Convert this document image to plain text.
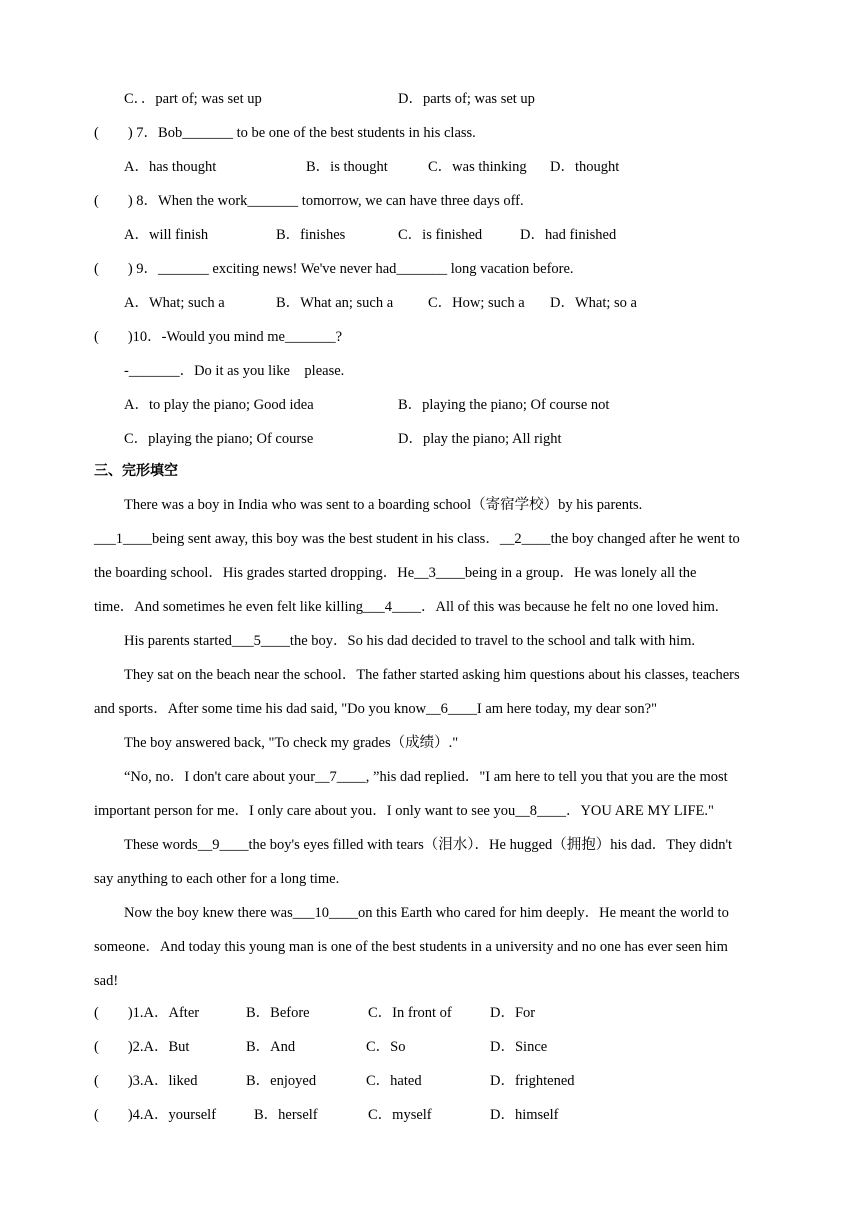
C．．part of; was set up	D．parts of; was set up
(        ) 7．Bob_______ to be one of the best students in his class.
A．has thought	B．is thought	C．was thinking D．thought
(        ) 8．When the work_______ tomorrow, we can have three days off.
A．will finish	B．finishes	C．is finished	D．had finished
(        ) 9．_______ exciting news! We've never had_______ long vacation before.
A．What; such a	B．What an; such a C．How; such a D．What; so a
(        )10．-Would you mind me_______?
-_______．Do it as you like    please.
A．to play the piano; Good idea	B．playing the piano; Of course not
C．playing the piano; Of course	D．play the piano; All right
三、完形填空
There was a boy in India who was sent to a boarding school（寄宿学校）by his parents.
___1____being sent away, this boy was the best student in his class．__2____the boy changed after he went to
the boarding school．His grades started dropping．He__3____being in a group．He was lonely all the
time．And sometimes he even felt like killing___4____．All of this was because he felt no one loved him.
His parents started___5____the boy．So his dad decided to travel to the school and talk with him.
They sat on the beach near the school．The father started asking him questions about his classes, teachers
and sports．After some time his dad said, "Do you know__6____I am here today, my dear son?"
The boy answered back, "To check my grades（成绩）."
“No, no．I don't care about your__7____, ”his dad replied．"I am here to tell you that you are the most
important person for me．I only care about you．I only want to see you__8____．YOU ARE MY LIFE."
These words__9____the boy's eyes filled with tears（泪水）．He hugged（拥抱）his dad．They didn't
say anything to each other for a long time.
Now the boy knew there was___10____on this Earth who cared for him deeply．He meant the world to
someone．And today this young man is one of the best students in a university and no one has ever seen him
sad!
(        )1.A．After	B．Before	C．In front of	D．For
(        )2.A．But	B．And	C．So	D．Since
(        )3.A．liked	B．enjoyed	C．hated	D．frightened
(        )4.A．yourself	B．herself	C．myself	D．himself
